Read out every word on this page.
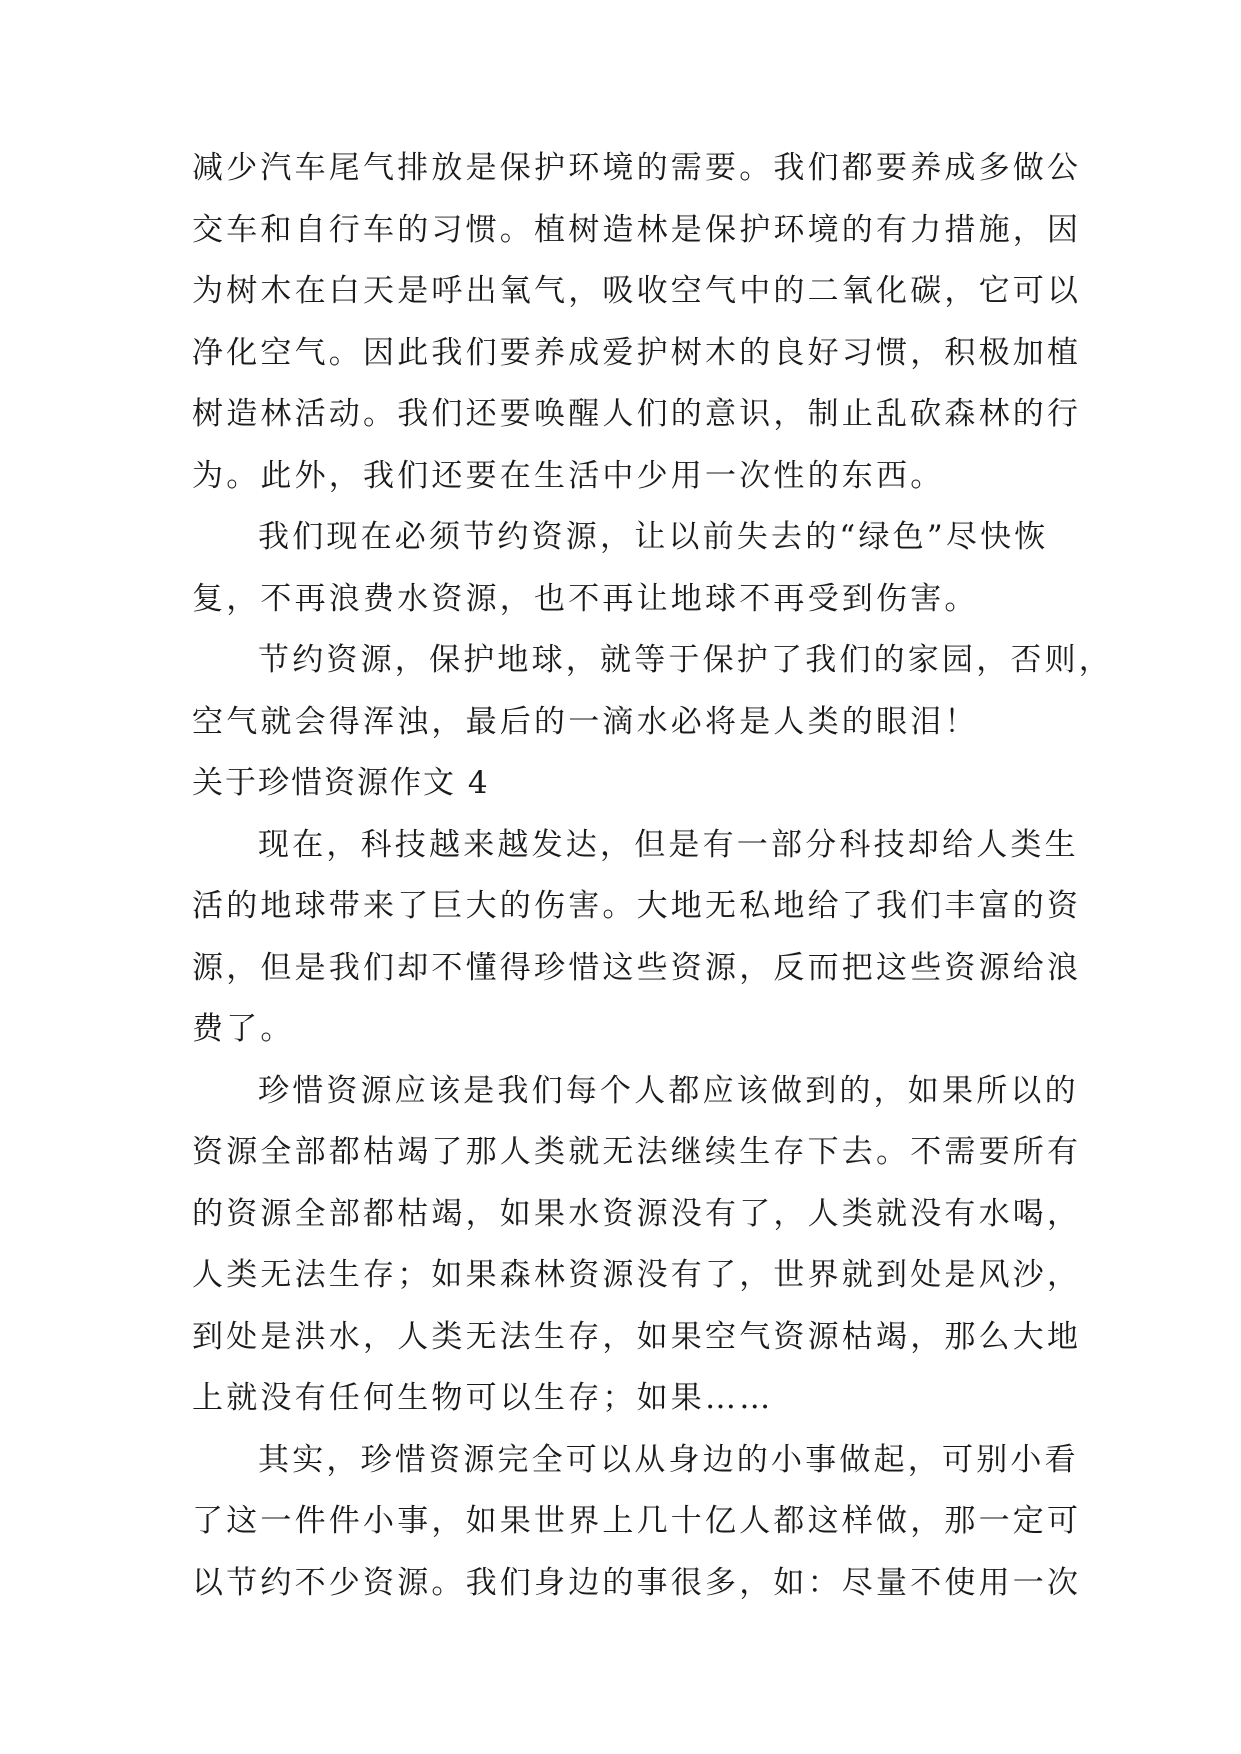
减少汽车尾气排放是保护环境的需要。我们都要养成多做公
交车和自行车的习惯。植树造林是保护环境的有力措施，因
为树木在白天是呼出氧气，吸收空气中的二氧化碳，它可以
净化空气。因此我们要养成爱护树木的良好习惯，积极加植
树造林活动。我们还要唤醒人们的意识，制止乱砍森林的行
为。此外，我们还要在生活中少用一次性的东西。
我们现在必须节约资源，让以前失去的“绿色”尽快恢
复，不再浪费水资源，也不再让地球不再受到伤害。
节约资源，保护地球，就等于保护了我们的家园，否则，
空气就会得浑浊，最后的一滴水必将是人类的眼泪！
关于珍惜资源作文 4
现在，科技越来越发达，但是有一部分科技却给人类生
活的地球带来了巨大的伤害。大地无私地给了我们丰富的资
源，但是我们却不懂得珍惜这些资源，反而把这些资源给浪
费了。
珍惜资源应该是我们每个人都应该做到的，如果所以的
资源全部都枯竭了那人类就无法继续生存下去。不需要所有
的资源全部都枯竭，如果水资源没有了，人类就没有水喝，
人类无法生存；如果森林资源没有了，世界就到处是风沙，
到处是洪水，人类无法生存，如果空气资源枯竭，那么大地
上就没有任何生物可以生存；如果……
其实，珍惜资源完全可以从身边的小事做起，可别小看
了这一件件小事，如果世界上几十亿人都这样做，那一定可
以节约不少资源。我们身边的事很多，如：尽量不使用一次
